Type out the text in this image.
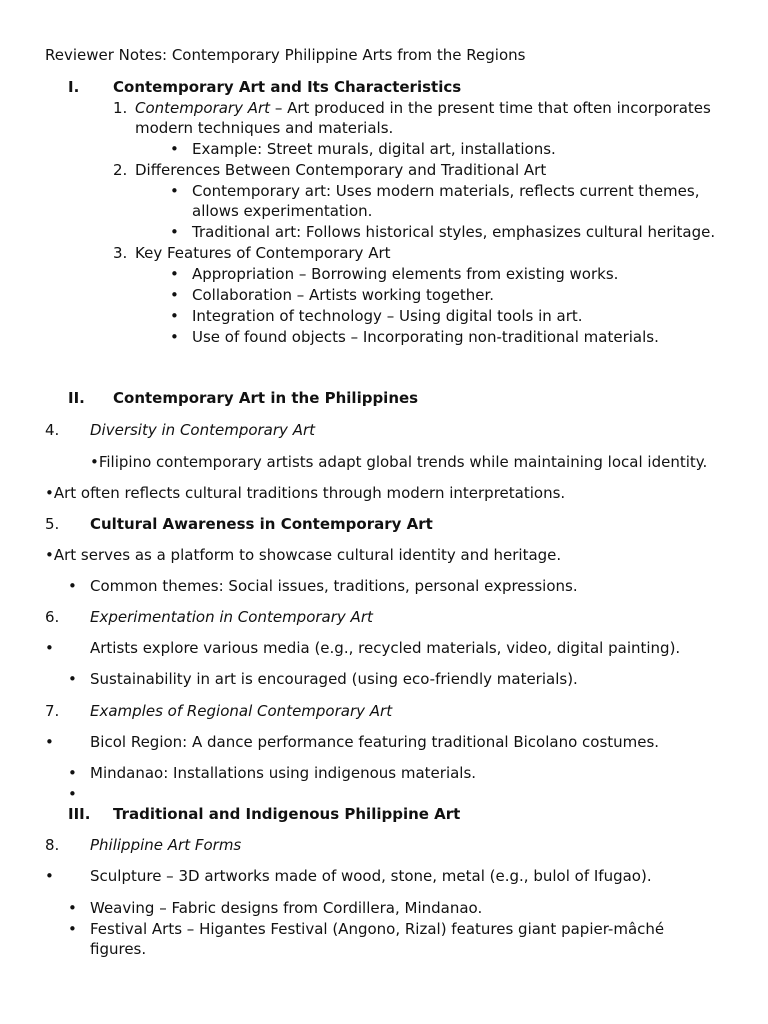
Reviewer Notes: Contemporary Philippine Arts from the Regions
I. Contemporary Art and Its Characteristics
1. Contemporary Art – Art produced in the present time that often incorporates
modern techniques and materials.
• Example: Street murals, digital art, installations.
2. Differences Between Contemporary and Traditional Art
• Contemporary art: Uses modern materials, reflects current themes,
allows experimentation.
• Traditional art: Follows historical styles, emphasizes cultural heritage.
3. Key Features of Contemporary Art
• Appropriation – Borrowing elements from existing works.
• Collaboration – Artists working together.
• Integration of technology – Using digital tools in art.
• Use of found objects – Incorporating non-traditional materials.
II. Contemporary Art in the Philippines
4. Diversity in Contemporary Art
•Filipino contemporary artists adapt global trends while maintaining local identity.
•Art often reflects cultural traditions through modern interpretations.
5. Cultural Awareness in Contemporary Art
•Art serves as a platform to showcase cultural identity and heritage.
• Common themes: Social issues, traditions, personal expressions.
6. Experimentation in Contemporary Art
• Artists explore various media (e.g., recycled materials, video, digital painting).
• Sustainability in art is encouraged (using eco-friendly materials).
7. Examples of Regional Contemporary Art
• Bicol Region: A dance performance featuring traditional Bicolano costumes.
• Mindanao: Installations using indigenous materials.
•
III. Traditional and Indigenous Philippine Art
8. Philippine Art Forms
• Sculpture – 3D artworks made of wood, stone, metal (e.g., bulol of Ifugao).
• Weaving – Fabric designs from Cordillera, Mindanao.
• Festival Arts – Higantes Festival (Angono, Rizal) features giant papier-mâché
figures.
